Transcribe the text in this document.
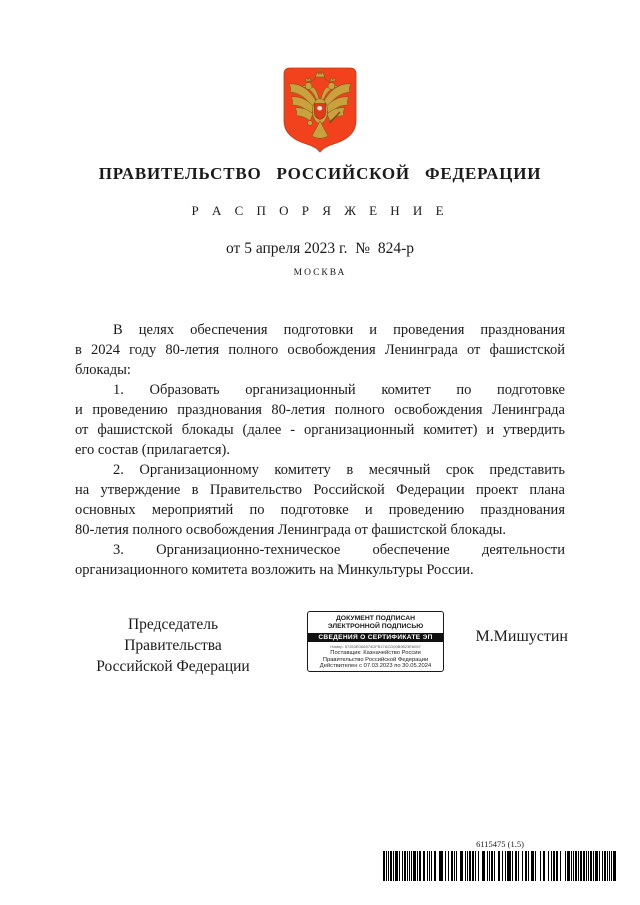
ПРАВИТЕЛЬСТВО РОССИЙСКОЙ ФЕДЕРАЦИИ
Р А С П О Р Я Ж Е Н И Е
от 5 апреля 2023 г.  №  824-р
МОСКВА
В целях обеспечения подготовки и проведения празднования
в 2024 году 80-летия полного освобождения Ленинграда от фашистской
блокады:
1. Образовать организационный комитет по подготовке
и проведению празднования 80-летия полного освобождения Ленинграда
от фашистской блокады (далее - организационный комитет) и утвердить
его состав (прилагается).
2. Организационному комитету в месячный срок представить
на утверждение в Правительство Российской Федерации проект плана
основных мероприятий по подготовке и проведению празднования
80-летия полного освобождения Ленинграда от фашистской блокады.
3. Организационно-техническое обеспечение деятельности
организационного комитета возложить на Минкультуры России.
Председатель Правительства
Российской Федерации
ДОКУМЕНТ ПОДПИСАН
ЭЛЕКТРОННОЙ ПОДПИСЬЮ
СВЕДЕНИЯ О СЕРТИФИКАТЕ ЭП
Номер: 57253E0A6974DFB17ACD00B9823E6057
Поставщик: Казначейство России
Правительство Российской Федерации
Действителен с 07.03.2023 по 30.05.2024
М.Мишустин
6115475 (1.5)
